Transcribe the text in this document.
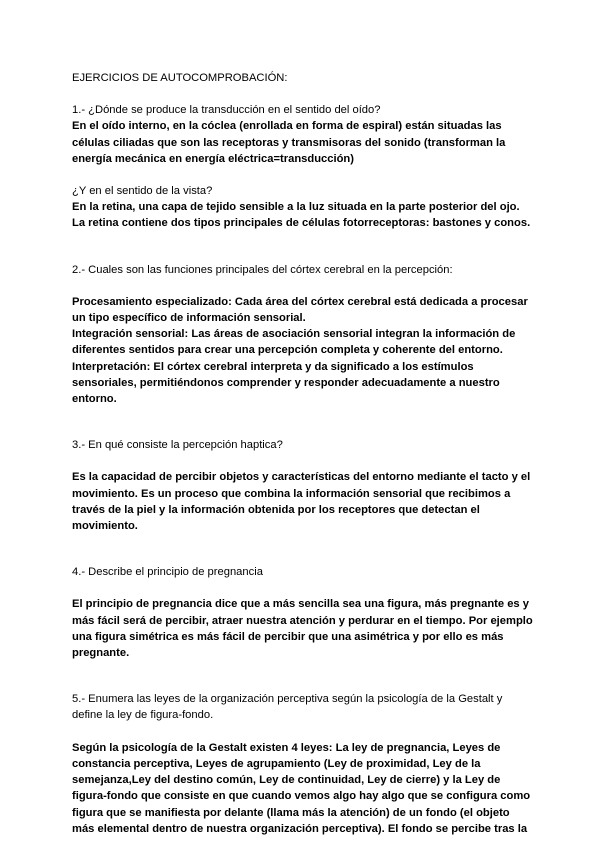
EJERCICIOS DE AUTOCOMPROBACIÓN:

1.- ¿Dónde se produce la transducción en el sentido del oído?

En el oído interno, en la cóclea (enrollada en forma de espiral) están situadas las células ciliadas que son las receptoras y transmisoras del sonido (transforman la energía mecánica en energía eléctrica=transducción)

¿Y en el sentido de la vista?

En la retina, una capa de tejido sensible a la luz situada en la parte posterior del ojo. La retina contiene dos tipos principales de células fotorreceptoras: bastones y conos.

2.- Cuales son las funciones principales del córtex cerebral en la percepción:

Procesamiento especializado: Cada área del córtex cerebral está dedicada a procesar un tipo específico de información sensorial.

Integración sensorial: Las áreas de asociación sensorial integran la información de diferentes sentidos para crear una percepción completa y coherente del entorno.

Interpretación: El córtex cerebral interpreta y da significado a los estímulos sensoriales, permitiéndonos comprender y responder adecuadamente a nuestro entorno.

3.- En qué consiste la percepción haptica?

Es la capacidad de percibir objetos y características del entorno mediante el tacto y el movimiento. Es un proceso que combina la información sensorial que recibimos a través de la piel y la información obtenida por los receptores que detectan el movimiento.

4.- Describe el principio de pregnancia

El principio de pregnancia dice que a más sencilla sea una figura, más pregnante es y más fácil será de percibir, atraer nuestra atención y perdurar en el tiempo. Por ejemplo una figura simétrica es más fácil de percibir que una asimétrica y por ello es más pregnante.

5.- Enumera las leyes de la organización perceptiva según la psicología de la Gestalt y define la ley de figura-fondo.

Según la psicología de la Gestalt existen 4 leyes: La ley de pregnancia, Leyes de constancia perceptiva, Leyes de agrupamiento (Ley de proximidad, Ley de la semejanza,Ley del destino común, Ley de continuidad, Ley de cierre) y la Ley de figura-fondo que consiste en que cuando vemos algo hay algo que se configura como figura que se manifiesta por delante (llama más la atención) de un fondo (el objeto más elemental dentro de nuestra organización perceptiva). El fondo se percibe tras la
